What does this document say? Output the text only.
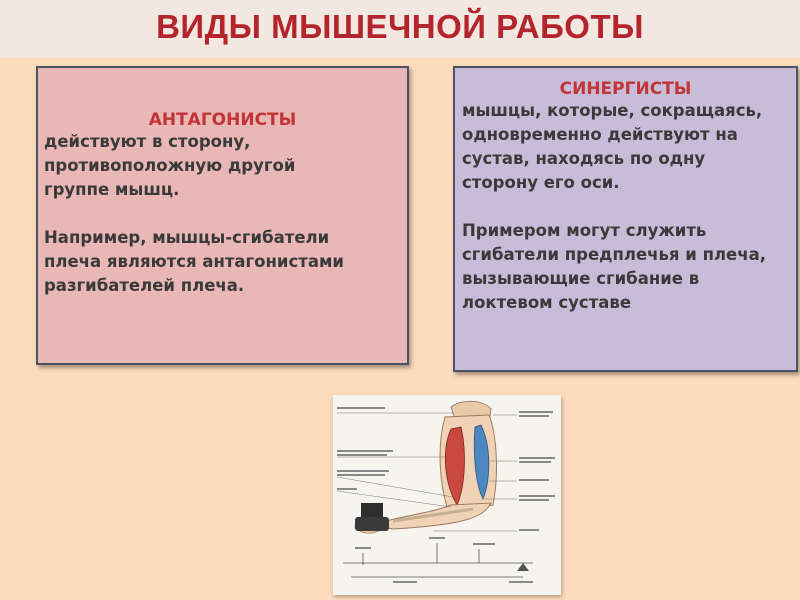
ВИДЫ МЫШЕЧНОЙ РАБОТЫ
АНТАГОНИСТЫ
действуют в сторону,
противоположную другой
группе мышц.
Например, мышцы-сгибатели
плеча являются антагонистами
разгибателей плеча.
СИНЕРГИСТЫ
мышцы, которые, сокращаясь,
одновременно действуют на
сустав, находясь по одну
сторону его оси.
Примером могут служить
сгибатели предплечья и плеча,
вызывающие сгибание в
локтевом суставе
